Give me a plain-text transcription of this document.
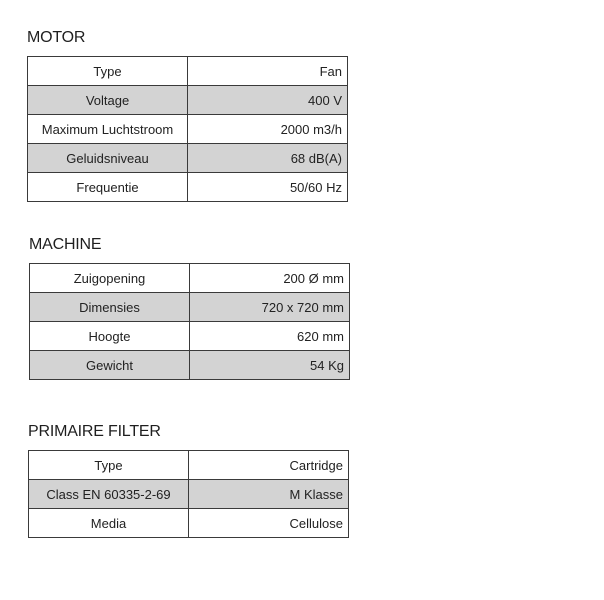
MOTOR
Type	Fan
Voltage	400 V
Maximum Luchtstroom	2000 m3/h
Geluidsniveau	68 dB(A)
Frequentie	50/60 Hz
MACHINE
Zuigopening	200 Ø mm
Dimensies	720 x 720 mm
Hoogte	620 mm
Gewicht	54 Kg
PRIMAIRE FILTER
Type	Cartridge
Class EN 60335-2-69	M Klasse
Media	Cellulose
